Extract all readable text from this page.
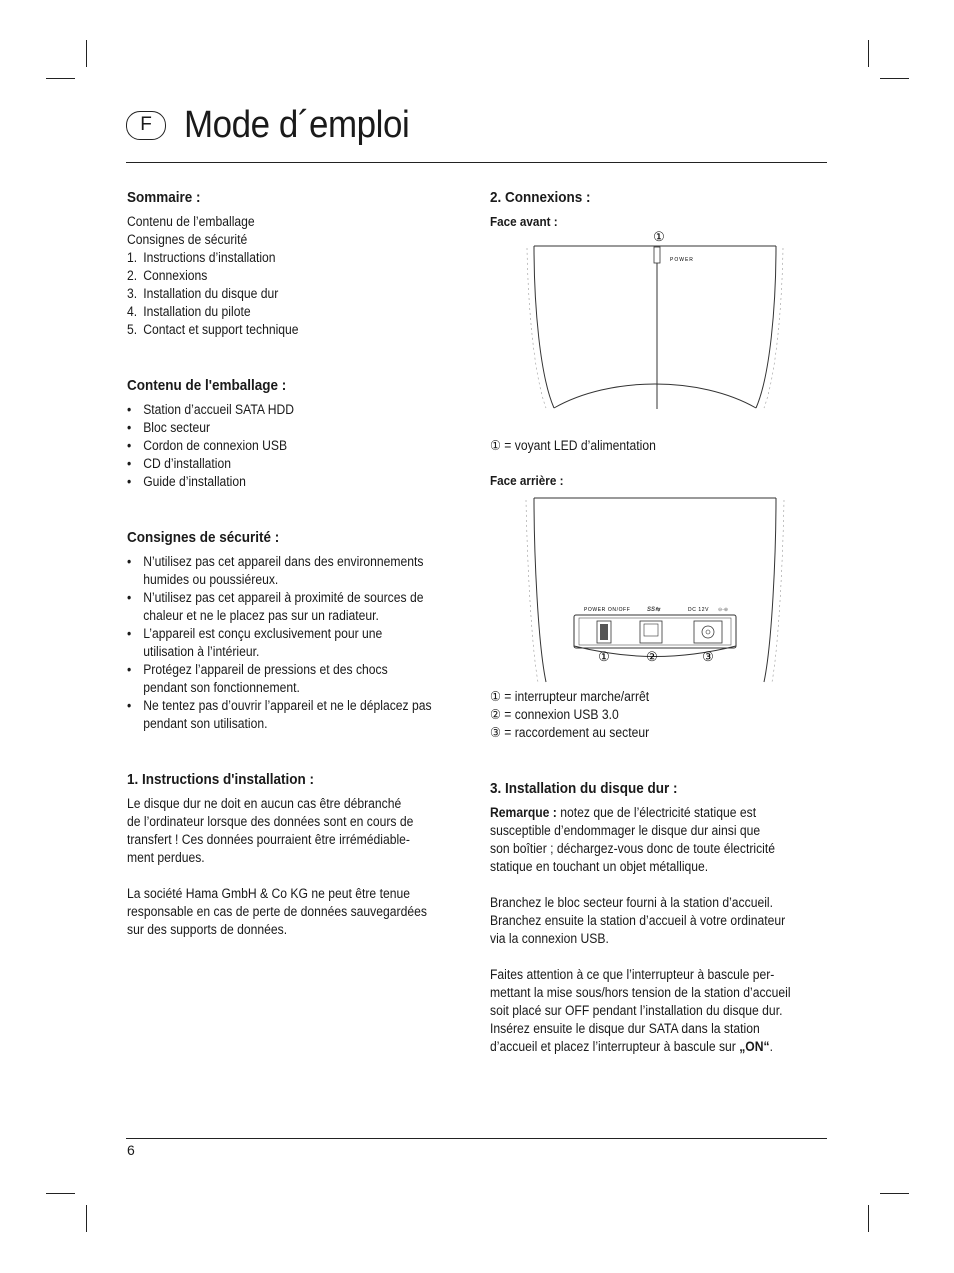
F Mode d´emploi
Sommaire :
Contenu de l’emballage
Consignes de sécurité
1. Instructions d’installation
2. Connexions
3. Installation du disque dur
4. Installation du pilote
5. Contact et support technique
Contenu de l'emballage :
• Station d’accueil SATA HDD
• Bloc secteur
• Cordon de connexion USB
• CD d’installation
• Guide d’installation
Consignes de sécurité :
• N’utilisez pas cet appareil dans des environnements
humides ou poussiéreux.
• N’utilisez pas cet appareil à proximité de sources de
chaleur et ne le placez pas sur un radiateur.
• L’appareil est conçu exclusivement pour une
utilisation à l’intérieur.
• Protégez l’appareil de pressions et des chocs
pendant son fonctionnement.
• Ne tentez pas d’ouvrir l’appareil et ne le déplacez pas
pendant son utilisation.
1. Instructions d'installation :

Le disque dur ne doit en aucun cas être débranché
de l’ordinateur lorsque des données sont en cours de
transfert ! Ces données pourraient être irrémédiable-
ment perdues.

La société Hama GmbH & Co KG ne peut être tenue
responsable en cas de perte de données sauvegardées
sur des supports de données.

2. Connexions :
Face avant :
①
POWER
① = voyant LED d’alimentation
Face arrière :
POWER ON/OFF	SS⇆	DC 12V ⊖-⊕
①	②	③
① = interrupteur marche/arrêt
② = connexion USB 3.0
③ = raccordement au secteur
3. Installation du disque dur :

Remarque : notez que de l’électricité statique est
susceptible d’endommager le disque dur ainsi que
son boîtier ; déchargez-vous donc de toute électricité
statique en touchant un objet métallique.

Branchez le bloc secteur fourni à la station d’accueil.
Branchez ensuite la station d’accueil à votre ordinateur
via la connexion USB.

Faites attention à ce que l’interrupteur à bascule per-
mettant la mise sous/hors tension de la station d’accueil
soit placé sur OFF pendant l’installation du disque dur.
Insérez ensuite le disque dur SATA dans la station
d’accueil et placez l’interrupteur à bascule sur „ON“.

6
